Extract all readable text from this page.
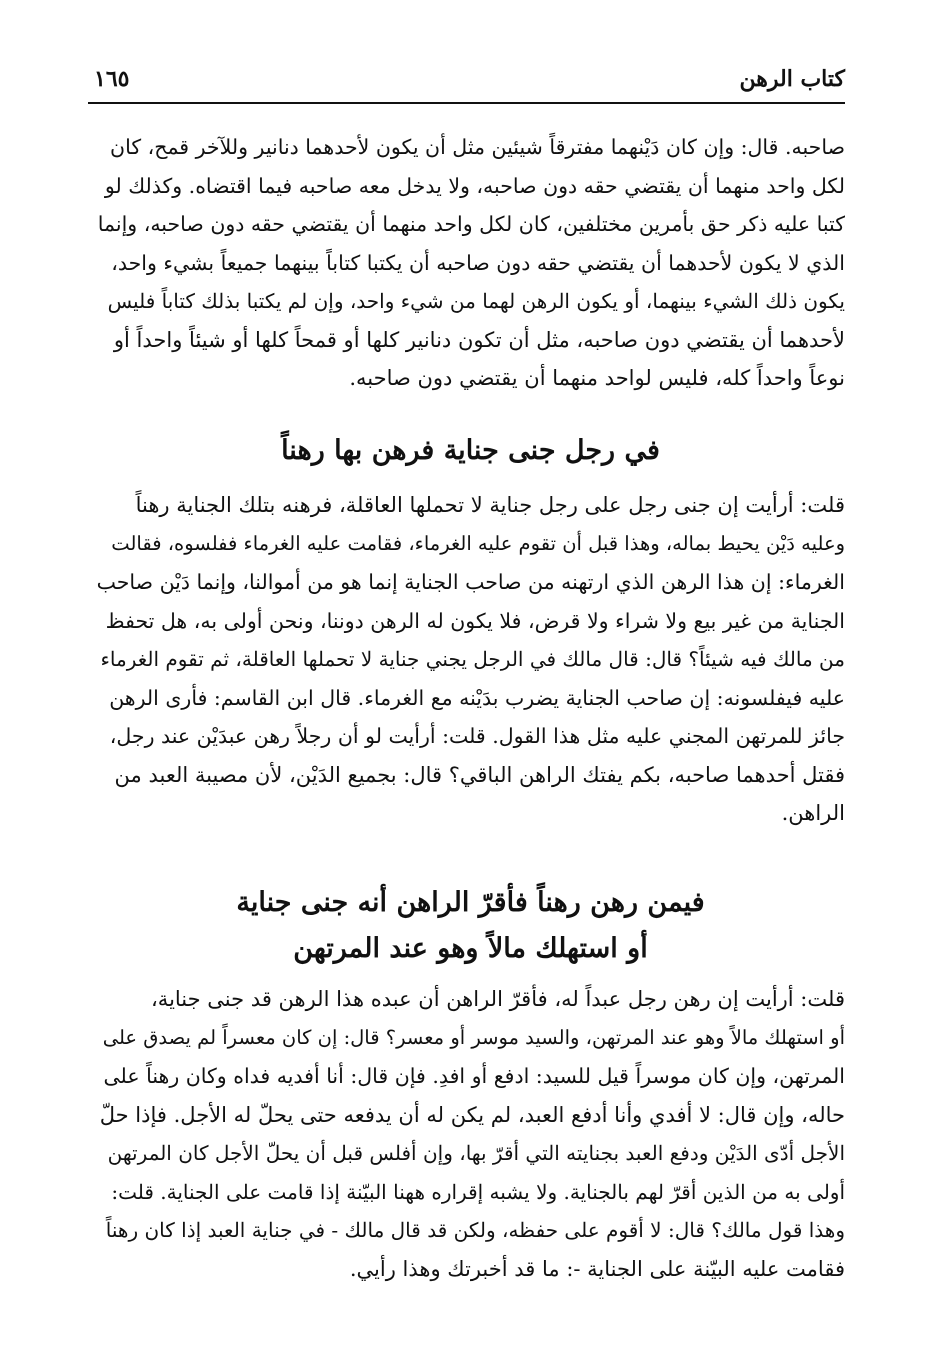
كتاب الرهن
١٦٥
صاحبه. قال: وإن كان دَيْنهما مفترقاً شيئين مثل أن يكون لأحدهما دنانير وللآخر قمح، كان
لكل واحد منهما أن يقتضي حقه دون صاحبه، ولا يدخل معه صاحبه فيما اقتضاه. وكذلك لو
كتبا عليه ذكر حق بأمرين مختلفين، كان لكل واحد منهما أن يقتضي حقه دون صاحبه، وإنما
الذي لا يكون لأحدهما أن يقتضي حقه دون صاحبه أن يكتبا كتاباً بينهما جميعاً بشيء واحد،
يكون ذلك الشيء بينهما، أو يكون الرهن لهما من شيء واحد، وإن لم يكتبا بذلك كتاباً فليس
لأحدهما أن يقتضي دون صاحبه، مثل أن تكون دنانير كلها أو قمحاً كلها أو شيئاً واحداً أو
نوعاً واحداً كله، فليس لواحد منهما أن يقتضي دون صاحبه.
في رجل جنى جناية فرهن بها رهناً
قلت: أرأيت إن جنى رجل على رجل جناية لا تحملها العاقلة، فرهنه بتلك الجناية رهناً
وعليه دَيْن يحيط بماله، وهذا قبل أن تقوم عليه الغرماء، فقامت عليه الغرماء ففلسوه، فقالت
الغرماء: إن هذا الرهن الذي ارتهنه من صاحب الجناية إنما هو من أموالنا، وإنما دَيْن صاحب
الجناية من غير بيع ولا شراء ولا قرض، فلا يكون له الرهن دوننا، ونحن أولى به، هل تحفظ
من مالك فيه شيئاً؟ قال: قال مالك في الرجل يجني جناية لا تحملها العاقلة، ثم تقوم الغرماء
عليه فيفلسونه: إن صاحب الجناية يضرب بدَيْنه مع الغرماء. قال ابن القاسم: فأرى الرهن
جائز للمرتهن المجني عليه مثل هذا القول. قلت: أرأيت لو أن رجلاً رهن عبدَيْن عند رجل،
فقتل أحدهما صاحبه، بكم يفتك الراهن الباقي؟ قال: بجميع الدَيْن، لأن مصيبة العبد من
الراهن.
فيمن رهن رهناً فأقرّ الراهن أنه جنى جناية
أو استهلك مالاً وهو عند المرتهن
قلت: أرأيت إن رهن رجل عبداً له، فأقرّ الراهن أن عبده هذا الرهن قد جنى جناية،
أو استهلك مالاً وهو عند المرتهن، والسيد موسر أو معسر؟ قال: إن كان معسراً لم يصدق على
المرتهن، وإن كان موسراً قيل للسيد: ادفع أو افدِ. فإن قال: أنا أفديه فداه وكان رهناً على
حاله، وإن قال: لا أفدي وأنا أدفع العبد، لم يكن له أن يدفعه حتى يحلّ له الأجل. فإذا حلّ
الأجل أدّى الدَيْن ودفع العبد بجنايته التي أقرّ بها، وإن أفلس قبل أن يحلّ الأجل كان المرتهن
أولى به من الذين أقرّ لهم بالجناية. ولا يشبه إقراره ههنا البيّنة إذا قامت على الجناية. قلت:
وهذا قول مالك؟ قال: لا أقوم على حفظه، ولكن قد قال مالك - في جناية العبد إذا كان رهناً
فقامت عليه البيّنة على الجناية -: ما قد أخبرتك وهذا رأيي.
